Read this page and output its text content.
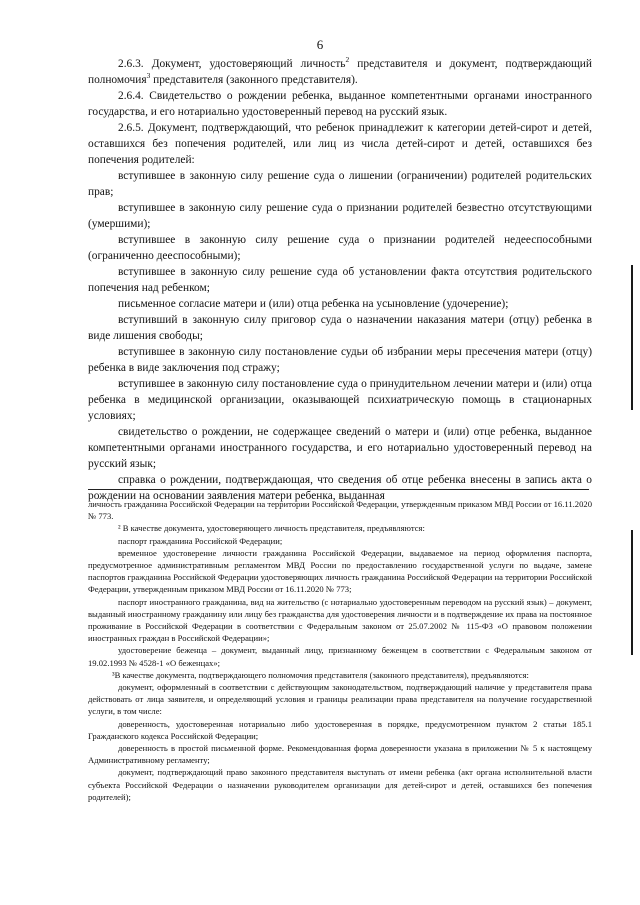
6

2.6.3. Документ, удостоверяющий личность$^2$ представителя и документ, подтверждающий полномочия$^3$ представителя (законного представителя).

2.6.4. Свидетельство о рождении ребенка, выданное компетентными органами иностранного государства, и его нотариально удостоверенный перевод на русский язык.

2.6.5. Документ, подтверждающий, что ребенок принадлежит к категории детей-сирот и детей, оставшихся без попечения родителей, или лиц из числа детей-сирот и детей, оставшихся без попечения родителей:

вступившее в законную силу решение суда о лишении (ограничении) родителей родительских прав;

вступившее в законную силу решение суда о признании родителей безвестно отсутствующими (умершими);

вступившее в законную силу решение суда о признании родителей недееспособными (ограниченно дееспособными);

вступившее в законную силу решение суда об установлении факта отсутствия родительского попечения над ребенком;

письменное согласие матери и (или) отца ребенка на усыновление (удочерение);

вступивший в законную силу приговор суда о назначении наказания матери (отцу) ребенка в виде лишения свободы;

вступившее в законную силу постановление судьи об избрании меры пресечения матери (отцу) ребенка в виде заключения под стражу;

вступившее в законную силу постановление суда о принудительном лечении матери и (или) отца ребенка в медицинской организации, оказывающей психиатрическую помощь в стационарных условиях;

свидетельство о рождении, не содержащее сведений о матери и (или) отце ребенка, выданное компетентными органами иностранного государства, и его нотариально удостоверенный перевод на русский язык;

справка о рождении, подтверждающая, что сведения об отце ребенка внесены в запись акта о рождении на основании заявления матери ребенка, выданная

личность гражданина Российской Федерации на территории Российской Федерации, утвержденным приказом МВД России от 16.11.2020 № 773.

² В качестве документа, удостоверяющего личность представителя, предъявляются:

паспорт гражданина Российской Федерации;

временное удостоверение личности гражданина Российской Федерации, выдаваемое на период оформления паспорта, предусмотренное административным регламентом МВД России по предоставлению государственной услуги по выдаче, замене паспортов гражданина Российской Федерации удостоверяющих личность гражданина Российской Федерации на территории Российской Федерации, утвержденным приказом МВД России от 16.11.2020 № 773;

паспорт иностранного гражданина, вид на жительство (с нотариально удостоверенным переводом на русский язык) – документ, выданный иностранному гражданину или лицу без гражданства для удостоверения личности и в подтверждение их права на постоянное проживание в Российской Федерации в соответствии с Федеральным законом от 25.07.2002 № 115-ФЗ «О правовом положении иностранных граждан в Российской Федерации»;

удостоверение беженца – документ, выданный лицу, признанному беженцем в соответствии с Федеральным законом от 19.02.1993 № 4528-1 «О беженцах»;

³В качестве документа, подтверждающего полномочия представителя (законного представителя), предъявляются:

документ, оформленный в соответствии с действующим законодательством, подтверждающий наличие у представителя права действовать от лица заявителя, и определяющий условия и границы реализации права представителя на получение государственной услуги, в том числе:

доверенность, удостоверенная нотариально либо удостоверенная в порядке, предусмотренном пунктом 2 статьи 185.1 Гражданского кодекса Российской Федерации;

доверенность в простой письменной форме. Рекомендованная форма доверенности указана в приложении № 5 к настоящему Административному регламенту;

документ, подтверждающий право законного представителя выступать от имени ребенка (акт органа исполнительной власти субъекта Российской Федерации о назначении руководителем организации для детей-сирот и детей, оставшихся без попечения родителей);
